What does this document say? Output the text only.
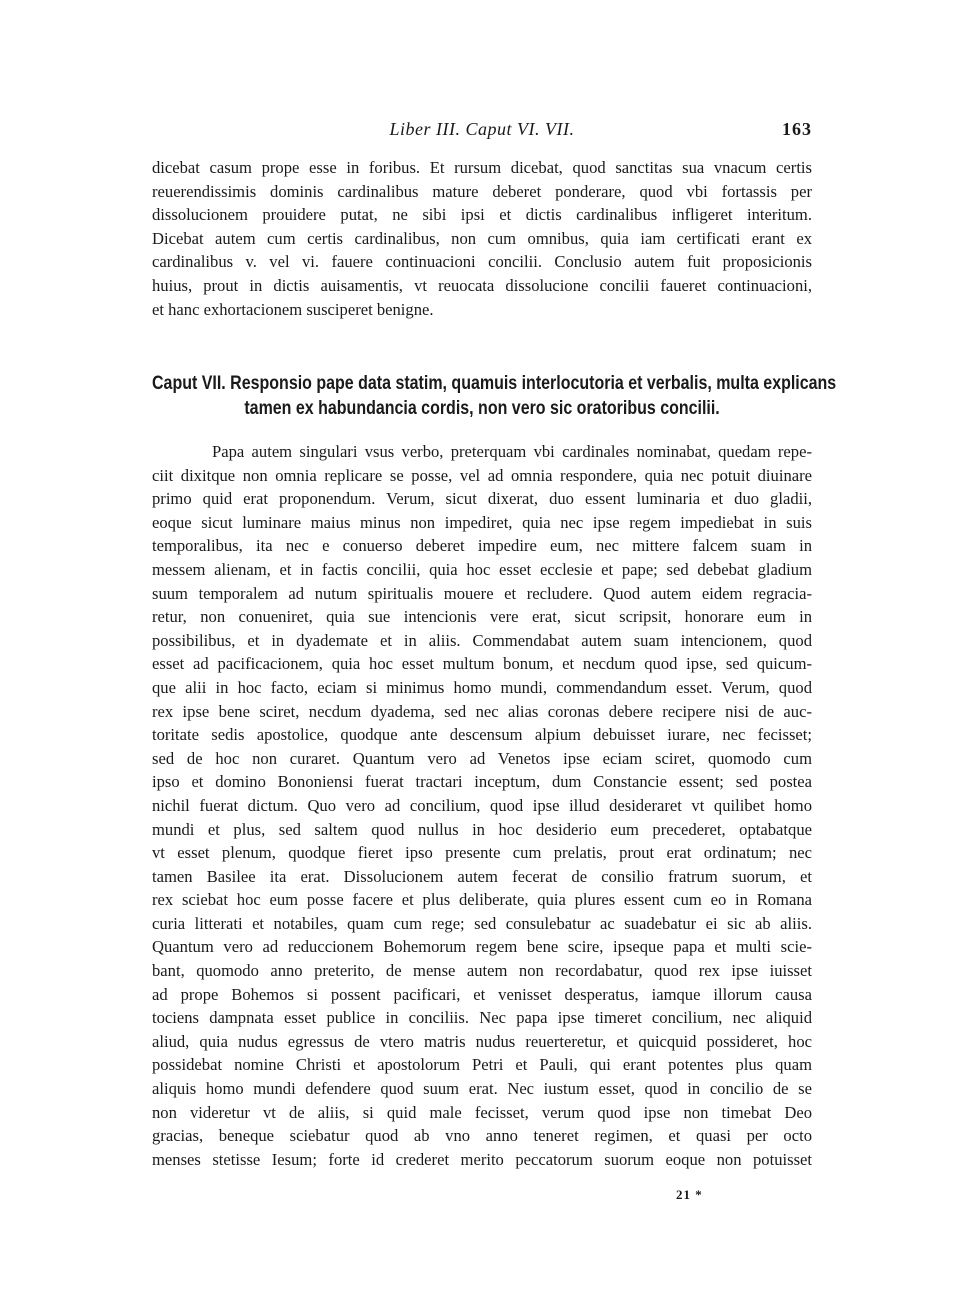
Liber III. Caput VI. VII.	163
dicebat casum prope esse in foribus. Et rursum dicebat, quod sanctitas sua vnacum certis
reuerendissimis dominis cardinalibus mature deberet ponderare, quod vbi fortassis per
dissolucionem prouidere putat, ne sibi ipsi et dictis cardinalibus infligeret interitum.
Dicebat autem cum certis cardinalibus, non cum omnibus, quia iam certificati erant ex
cardinalibus v. vel vi. fauere continuacioni concilii. Conclusio autem fuit proposicionis
huius, prout in dictis auisamentis, vt reuocata dissolucione concilii faueret continuacioni,
et hanc exhortacionem susciperet benigne.
Caput VII. Responsio pape data statim, quamuis interlocutoria et verbalis, multa explicans
tamen ex habundancia cordis, non vero sic oratoribus concilii.
Papa autem singulari vsus verbo, preterquam vbi cardinales nominabat, quedam repe-
ciit dixitque non omnia replicare se posse, vel ad omnia respondere, quia nec potuit diuinare
primo quid erat proponendum. Verum, sicut dixerat, duo essent luminaria et duo gladii,
eoque sicut luminare maius minus non impediret, quia nec ipse regem impediebat in suis
temporalibus, ita nec e conuerso deberet impedire eum, nec mittere falcem suam in
messem alienam, et in factis concilii, quia hoc esset ecclesie et pape; sed debebat gladium
suum temporalem ad nutum spiritualis mouere et recludere. Quod autem eidem regracia-
retur, non conueniret, quia sue intencionis vere erat, sicut scripsit, honorare eum in
possibilibus, et in dyademate et in aliis. Commendabat autem suam intencionem, quod
esset ad pacificacionem, quia hoc esset multum bonum, et necdum quod ipse, sed quicum-
que alii in hoc facto, eciam si minimus homo mundi, commendandum esset. Verum, quod
rex ipse bene sciret, necdum dyadema, sed nec alias coronas debere recipere nisi de auc-
toritate sedis apostolice, quodque ante descensum alpium debuisset iurare, nec fecisset;
sed de hoc non curaret. Quantum vero ad Venetos ipse eciam sciret, quomodo cum
ipso et domino Bononiensi fuerat tractari inceptum, dum Constancie essent; sed postea
nichil fuerat dictum. Quo vero ad concilium, quod ipse illud desideraret vt quilibet homo
mundi et plus, sed saltem quod nullus in hoc desiderio eum precederet, optabatque
vt esset plenum, quodque fieret ipso presente cum prelatis, prout erat ordinatum; nec
tamen Basilee ita erat. Dissolucionem autem fecerat de consilio fratrum suorum, et
rex sciebat hoc eum posse facere et plus deliberate, quia plures essent cum eo in Romana
curia litterati et notabiles, quam cum rege; sed consulebatur ac suadebatur ei sic ab aliis.
Quantum vero ad reduccionem Bohemorum regem bene scire, ipseque papa et multi scie-
bant, quomodo anno preterito, de mense autem non recordabatur, quod rex ipse iuisset
ad prope Bohemos si possent pacificari, et venisset desperatus, iamque illorum causa
tociens dampnata esset publice in conciliis. Nec papa ipse timeret concilium, nec aliquid
aliud, quia nudus egressus de vtero matris nudus reuerteretur, et quicquid possideret, hoc
possidebat nomine Christi et apostolorum Petri et Pauli, qui erant potentes plus quam
aliquis homo mundi defendere quod suum erat. Nec iustum esset, quod in concilio de se
non videretur vt de aliis, si quid male fecisset, verum quod ipse non timebat Deo
gracias, beneque sciebatur quod ab vno anno teneret regimen, et quasi per octo
menses stetisse Iesum; forte id crederet merito peccatorum suorum eoque non potuisset
21 *
